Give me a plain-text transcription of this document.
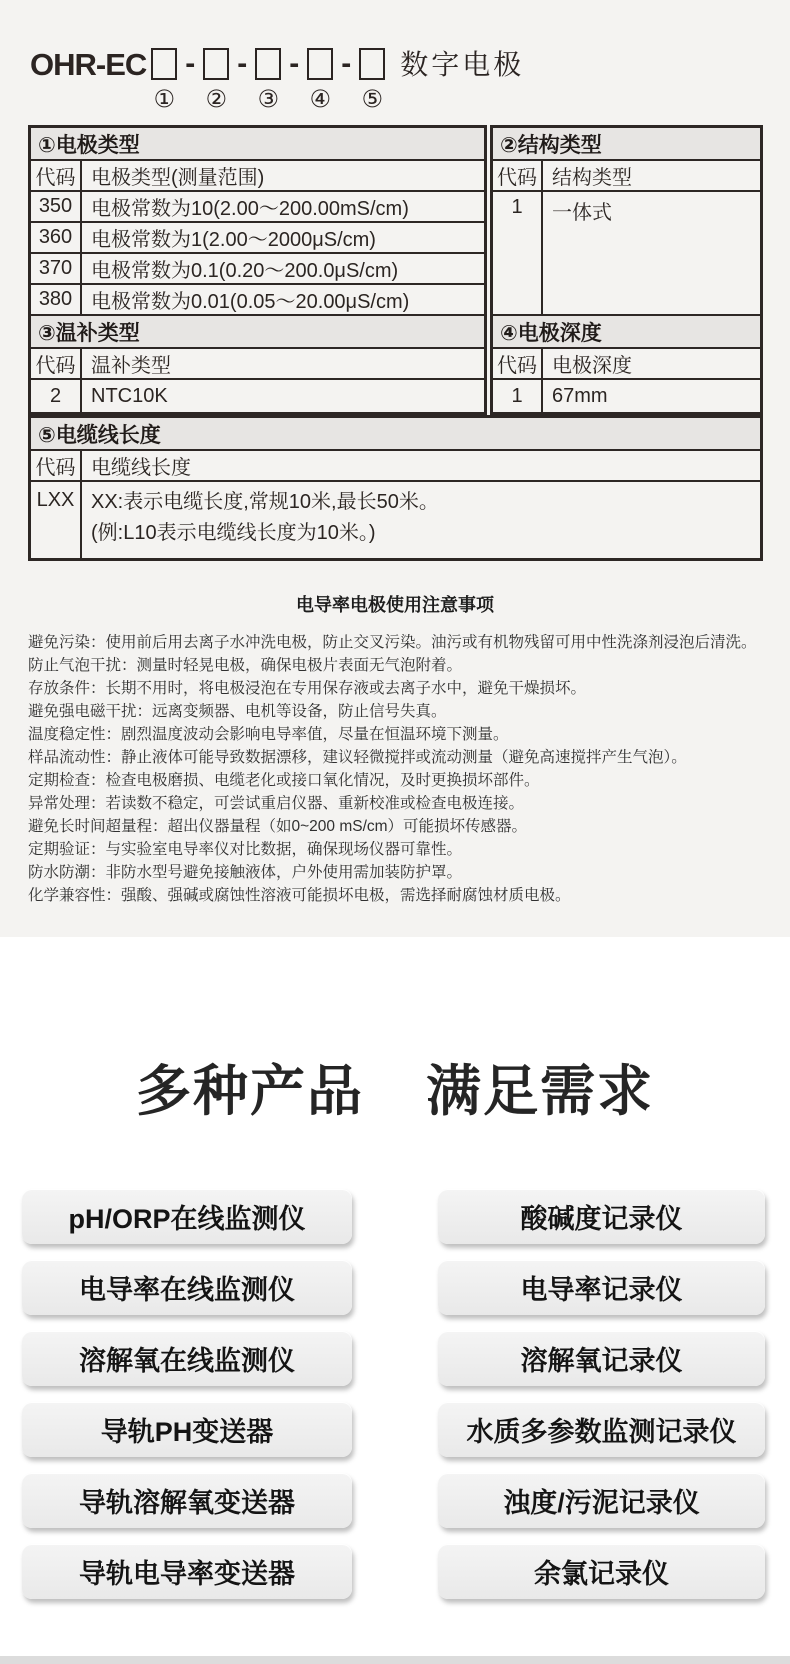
OHR-EC
①
-
②
-
③
-
④
-
⑤
数字电极
①电极类型
代码 电极类型(测量范围)
350 电极常数为10(2.00～200.00mS/cm)
360 电极常数为1(2.00～2000μS/cm)
370 电极常数为0.1(0.20～200.0μS/cm)
380 电极常数为0.01(0.05～20.00μS/cm)
③温补类型
代码 温补类型
2	NTC10K
②结构类型
代码 结构类型
1	一体式
④电极深度
代码 电极深度
1	67mm
⑤电缆线长度
代码 电缆线长度
LXX XX:表示电缆长度,常规10米,最长50米。
(例:L10表示电缆线长度为10米。)
电导率电极使用注意事项
避免污染：使用前后用去离子水冲洗电极，防止交叉污染。油污或有机物残留可用中性洗涤剂浸泡后清洗。
防止气泡干扰：测量时轻晃电极，确保电极片表面无气泡附着。
存放条件：长期不用时，将电极浸泡在专用保存液或去离子水中，避免干燥损坏。
避免强电磁干扰：远离变频器、电机等设备，防止信号失真。
温度稳定性：剧烈温度波动会影响电导率值，尽量在恒温环境下测量。
样品流动性：静止液体可能导致数据漂移，建议轻微搅拌或流动测量（避免高速搅拌产生气泡）。
定期检查：检查电极磨损、电缆老化或接口氧化情况，及时更换损坏部件。
异常处理：若读数不稳定，可尝试重启仪器、重新校准或检查电极连接。
避免长时间超量程：超出仪器量程（如0~200 mS/cm）可能损坏传感器。
定期验证：与实验室电导率仪对比数据，确保现场仪器可靠性。
防水防潮：非防水型号避免接触液体，户外使用需加装防护罩。
化学兼容性：强酸、强碱或腐蚀性溶液可能损坏电极，需选择耐腐蚀材质电极。
多种产品 满足需求
pH/ORP在线监测仪	酸碱度记录仪
电导率在线监测仪	电导率记录仪
溶解氧在线监测仪	溶解氧记录仪
导轨PH变送器	水质多参数监测记录仪
导轨溶解氧变送器	浊度/污泥记录仪
导轨电导率变送器	余氯记录仪
